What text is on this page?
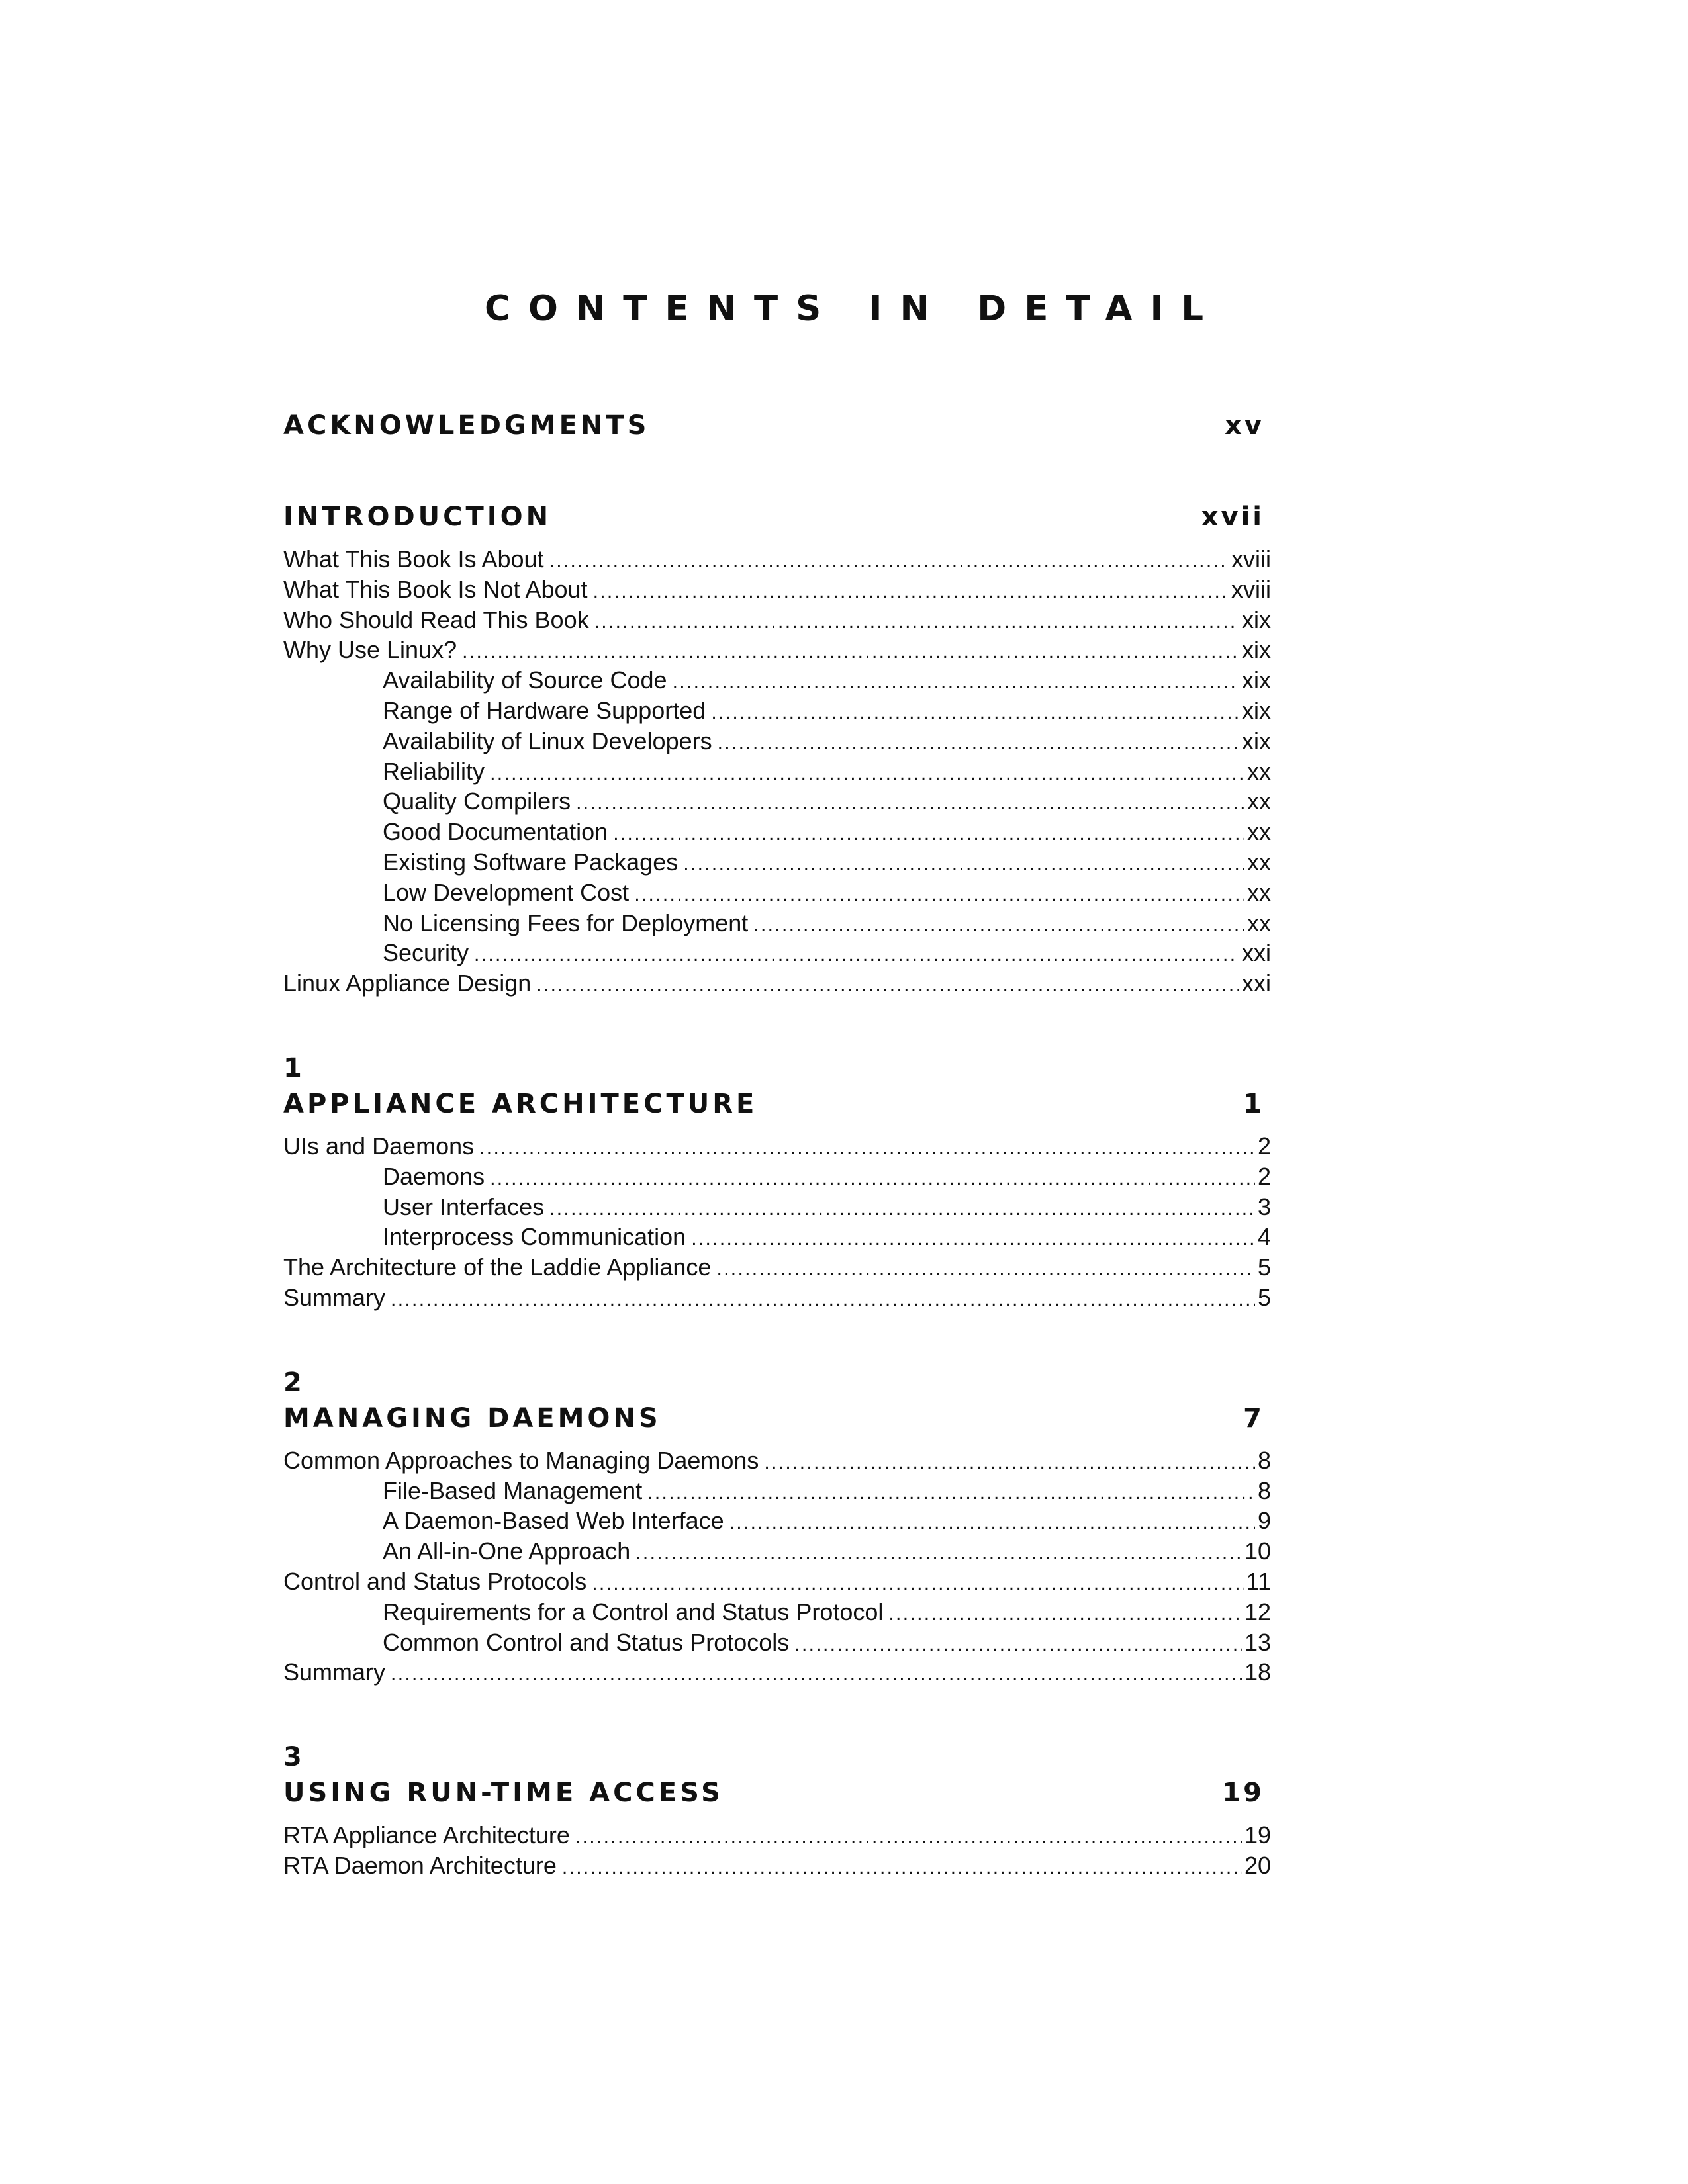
CONTENTS IN DETAIL
ACKNOWLEDGMENTS	xv
INTRODUCTION	xvii
What This Book Is About . . .	xviii
What This Book Is Not About . . .	xviii
Who Should Read This Book . . .	xix
Why Use Linux? . . .	xix
Availability of Source Code . . .	xix
Range of Hardware Supported . . .	xix
Availability of Linux Developers . . .	xix
Reliability . . .	xx
Quality Compilers . . .	xx
Good Documentation . . .	xx
Existing Software Packages . . .	xx
Low Development Cost . . .	xx
No Licensing Fees for Deployment . . .	xx
Security . . .	xxi
Linux Appliance Design . . .	xxi
1
APPLIANCE ARCHITECTURE	1
UIs and Daemons . . .	2
Daemons . . .	2
User Interfaces . . .	3
Interprocess Communication . . .	4
The Architecture of the Laddie Appliance . . .	5
Summary . . .	5
2
MANAGING DAEMONS	7
Common Approaches to Managing Daemons . . .	8
File-Based Management . . .	8
A Daemon-Based Web Interface . . .	9
An All-in-One Approach . . .	10
Control and Status Protocols . . .	11
Requirements for a Control and Status Protocol . . .	12
Common Control and Status Protocols . . .	13
Summary . . .	18
3
USING RUN-TIME ACCESS	19
RTA Appliance Architecture . . .	19
RTA Daemon Architecture . . .	20
